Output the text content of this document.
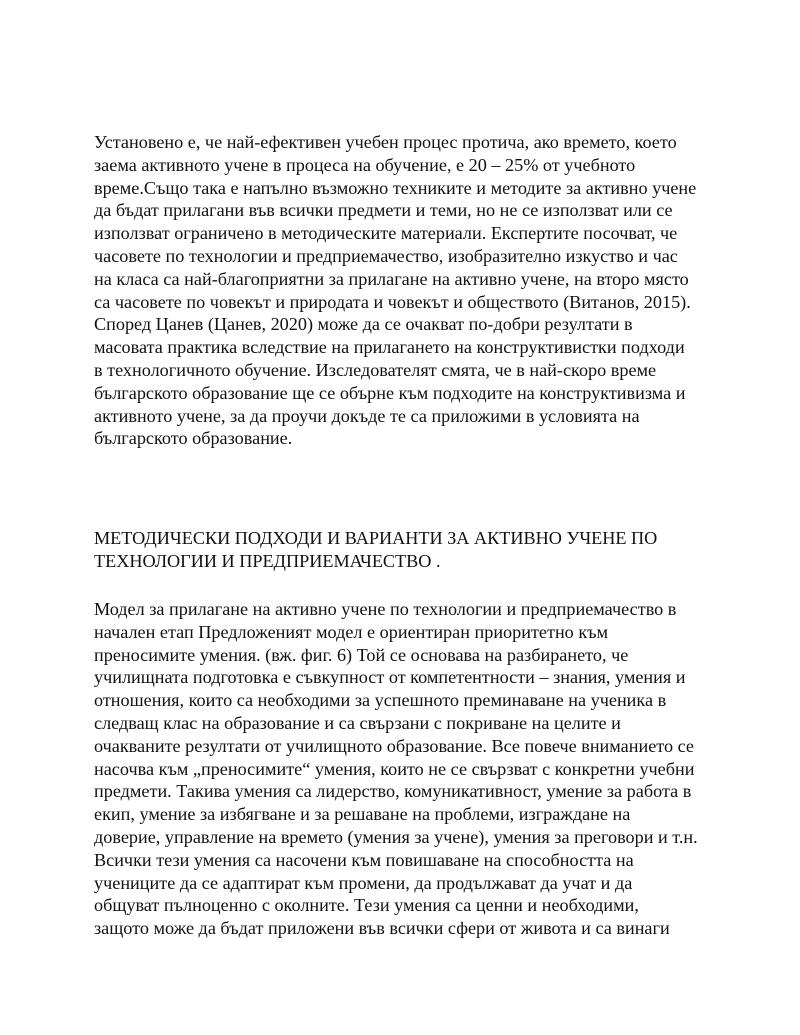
Установено е, че най-ефективен учебен процес протича, ако времето, което
заема активното учене в процеса на обучение, е 20 – 25% от учебното
време.Също така е напълно възможно техниките и методите за активно учене
да бъдат прилагани във всички предмети и теми, но не се използват или се
използват ограничено в методическите материали. Експертите посочват, че
часовете по технологии и предприемачество, изобразително изкуство и час
на класа са най-благоприятни за прилагане на активно учене, на второ място
са часовете по човекът и природата и човекът и обществото (Витанов, 2015).
Според Цанев (Цанев, 2020) може да се очакват по-добри резултати в
масовата практика вследствие на прилагането на конструктивистки подходи
в технологичното обучение. Изследователят смята, че в най-скоро време
българското образование ще се обърне към подходите на конструктивизма и
активното учене, за да проучи докъде те са приложими в условията на
българското образование.
МЕТОДИЧЕСКИ ПОДХОДИ И ВАРИАНТИ ЗА АКТИВНО УЧЕНЕ ПО
ТЕХНОЛОГИИ И ПРЕДПРИЕМАЧЕСТВО .
Модел за прилагане на активно учене по технологии и предприемачество в
начален етап Предложеният модел е ориентиран приоритетно към
преносимите умения. (вж. фиг. 6) Той се основава на разбирането, че
училищната подготовка е съвкупност от компетентности – знания, умения и
отношения, които са необходими за успешното преминаване на ученика в
следващ клас на образование и са свързани с покриване на целите и
очакваните резултати от училищното образование. Все повече вниманието се
насочва към „преносимите“ умения, които не се свързват с конкретни учебни
предмети. Такива умения са лидерство, комуникативност, умение за работа в
екип, умение за избягване и за решаване на проблеми, изграждане на
доверие, управление на времето (умения за учене), умения за преговори и т.н.
Всички тези умения са насочени към повишаване на способността на
учениците да се адаптират към промени, да продължават да учат и да
общуват пълноценно с околните. Тези умения са ценни и необходими,
защото може да бъдат приложени във всички сфери от живота и са винаги
